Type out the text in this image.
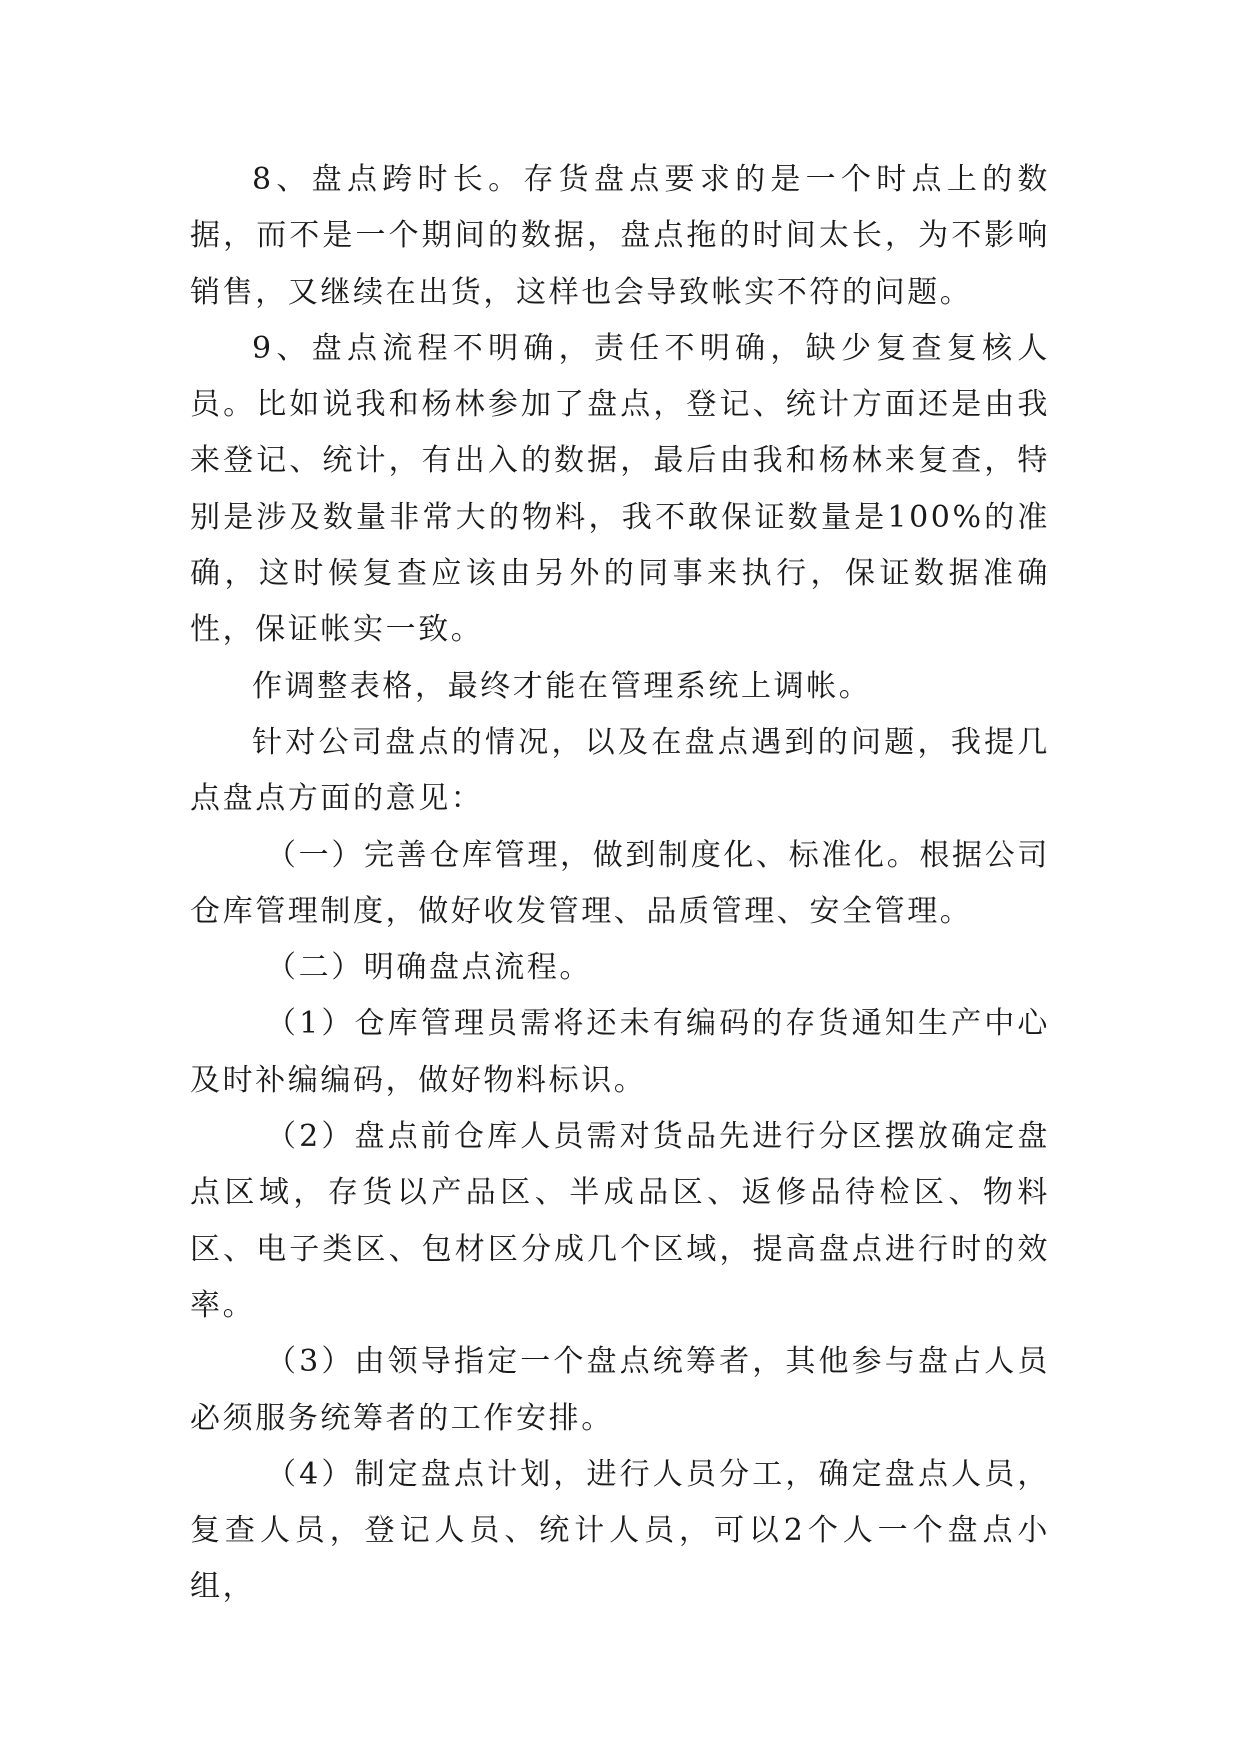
8、盘点跨时长。存货盘点要求的是一个时点上的数据，而不是一个期间的数据，盘点拖的时间太长，为不影响销售，又继续在出货，这样也会导致帐实不符的问题。

9、盘点流程不明确，责任不明确，缺少复查复核人员。比如说我和杨林参加了盘点，登记、统计方面还是由我来登记、统计，有出入的数据，最后由我和杨林来复查，特别是涉及数量非常大的物料，我不敢保证数量是100%的准确，这时候复查应该由另外的同事来执行，保证数据准确性，保证帐实一致。

作调整表格，最终才能在管理系统上调帐。

针对公司盘点的情况，以及在盘点遇到的问题，我提几点盘点方面的意见：

（一）完善仓库管理，做到制度化、标准化。根据公司仓库管理制度，做好收发管理、品质管理、安全管理。

（二）明确盘点流程。

（1）仓库管理员需将还未有编码的存货通知生产中心及时补编编码，做好物料标识。

（2）盘点前仓库人员需对货品先进行分区摆放确定盘点区域，存货以产品区、半成品区、返修品待检区、物料区、电子类区、包材区分成几个区域，提高盘点进行时的效率。

（3）由领导指定一个盘点统筹者，其他参与盘占人员必须服务统筹者的工作安排。

（4）制定盘点计划，进行人员分工，确定盘点人员，复查人员，登记人员、统计人员，可以2个人一个盘点小组，
